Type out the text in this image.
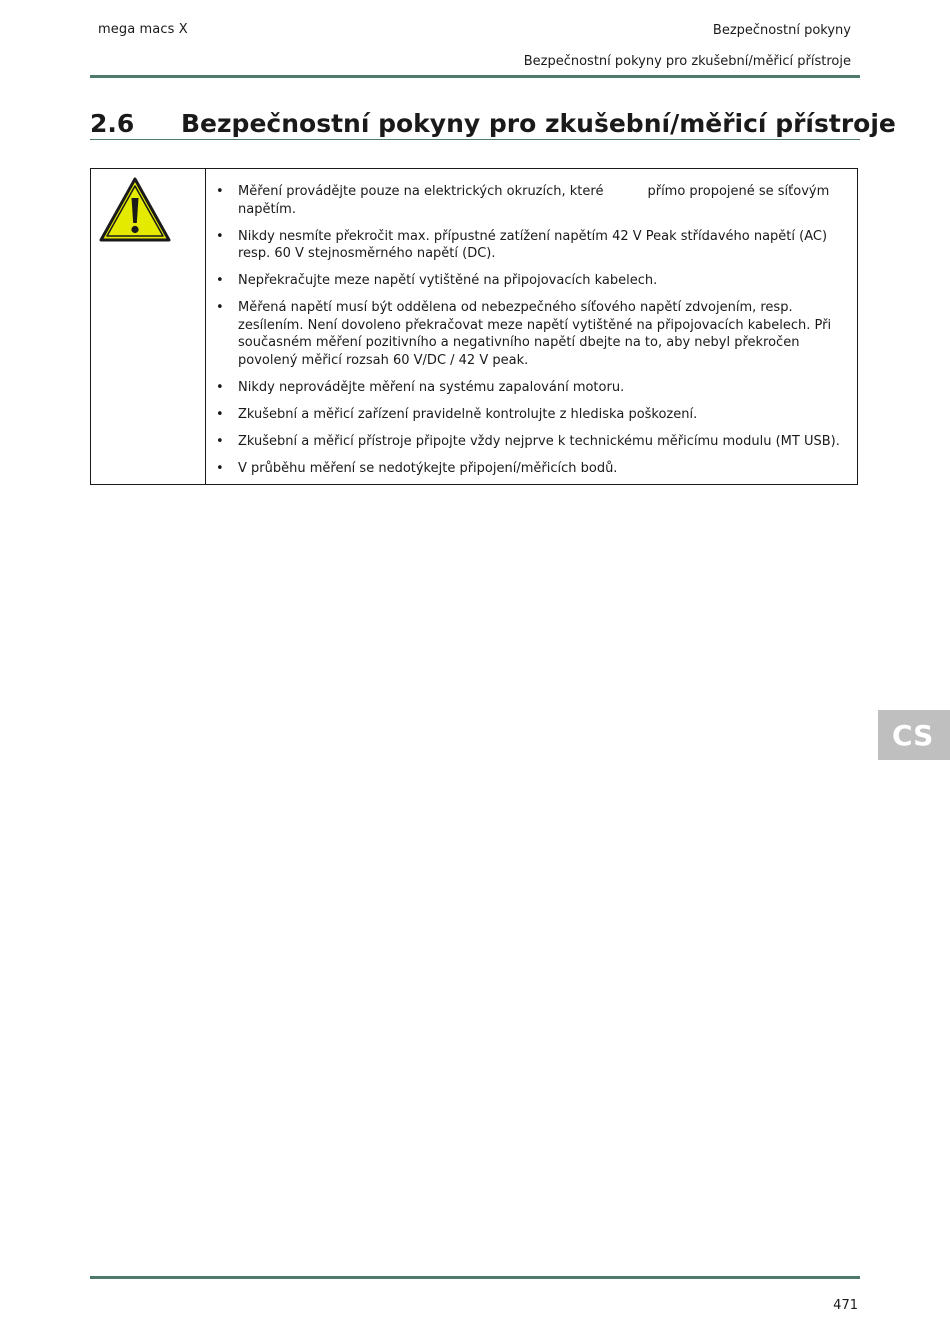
mega macs X	Bezpečnostní pokyny
Bezpečnostní pokyny pro zkušební/měřicí přístroje
2.6 Bezpečnostní pokyny pro zkušební/měřicí přístroje
• Měření provádějte pouze na elektrických okruzích, které	přímo propojené se síťovým napětím.
• Nikdy nesmíte překročit max. přípustné zatížení napětím 42 V Peak střídavého napětí (AC) resp. 60 V stejnosměrného napětí (DC).
• Nepřekračujte meze napětí vytištěné na připojovacích kabelech.
• Měřená napětí musí být oddělena od nebezpečného síťového napětí zdvojením, resp. zesílením. Není dovoleno překračovat meze napětí vytištěné na připojovacích kabelech. Při současném měření pozitivního a negativního napětí dbejte na to, aby nebyl překročen povolený měřicí rozsah 60 V/DC / 42 V peak.
• Nikdy neprovádějte měření na systému zapalování motoru.
• Zkušební a měřicí zařízení pravidelně kontrolujte z hlediska poškození.
• Zkušební a měřicí přístroje připojte vždy nejprve k technickému měřicímu modulu (MT USB).
• V průběhu měření se nedotýkejte připojení/měřicích bodů.
CS
471
